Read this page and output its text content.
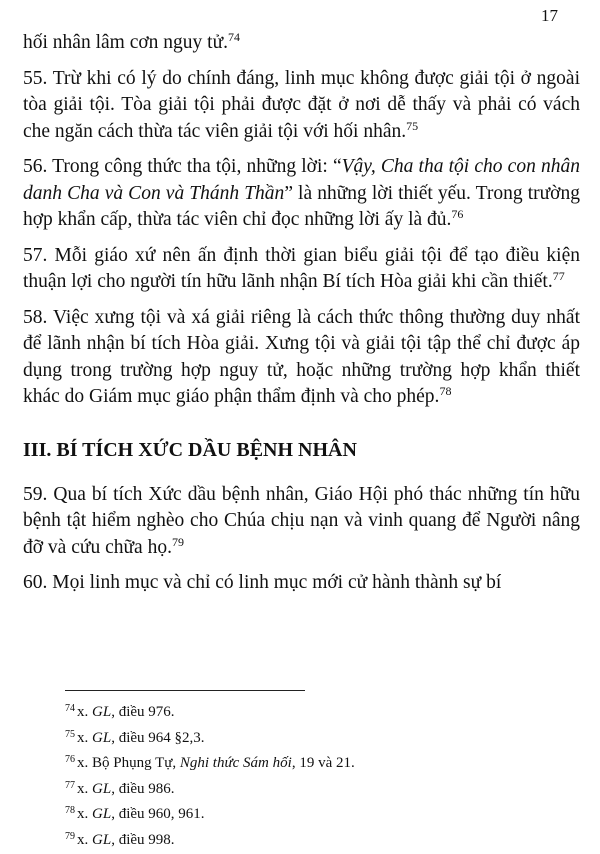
17

hối nhân lâm cơn nguy tử.$^{74}$

55. Trừ khi có lý do chính đáng, linh mục không được giải tội ở ngoài tòa giải tội. Tòa giải tội phải được đặt ở nơi dễ thấy và phải có vách che ngăn cách thừa tác viên giải tội với hối nhân.$^{75}$

56. Trong công thức tha tội, những lời: “Vậy, Cha tha tội cho con nhân danh Cha và Con và Thánh Thần” là những lời thiết yếu. Trong trường hợp khẩn cấp, thừa tác viên chỉ đọc những lời ấy là đủ.$^{76}$

57. Mỗi giáo xứ nên ấn định thời gian biểu giải tội để tạo điều kiện thuận lợi cho người tín hữu lãnh nhận Bí tích Hòa giải khi cần thiết.$^{77}$

58. Việc xưng tội và xá giải riêng là cách thức thông thường duy nhất để lãnh nhận bí tích Hòa giải. Xưng tội và giải tội tập thể chỉ được áp dụng trong trường hợp nguy tử, hoặc những trường hợp khẩn thiết khác do Giám mục giáo phận thẩm định và cho phép.$^{78}$

III. BÍ TÍCH XỨC DẦU BỆNH NHÂN

59. Qua bí tích Xức dầu bệnh nhân, Giáo Hội phó thác những tín hữu bệnh tật hiểm nghèo cho Chúa chịu nạn và vinh quang để Người nâng đỡ và cứu chữa họ.$^{79}$

60. Mọi linh mục và chỉ có linh mục mới cử hành thành sự bí

$^{74}$ x. GL, điều 976.
$^{75}$ x. GL, điều 964 §2,3.
$^{76}$ x. Bộ Phụng Tự, Nghi thức Sám hối, 19 và 21.
$^{77}$ x. GL, điều 986.
$^{78}$ x. GL, điều 960, 961.
$^{79}$ x. GL, điều 998.
